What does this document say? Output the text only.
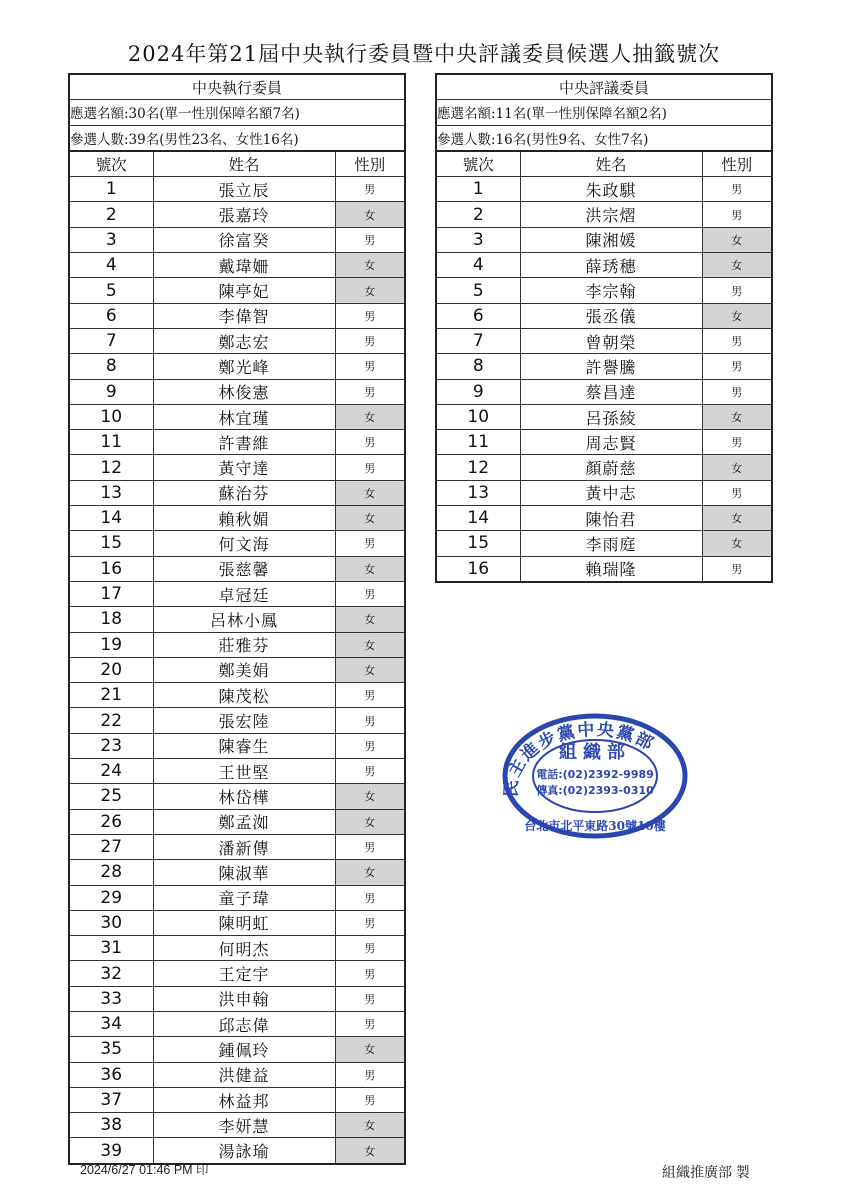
2024年第21屆中央執行委員暨中央評議委員候選人抽籤號次
中央執行委員		
應選名額:30名(單一性別保障名額7名)		
參選人數:39名(男性23名、女性16名)		
號次	姓名	性別
1	張立辰	男
2	張嘉玲	女
3	徐富癸	男
4	戴瑋姍	女
5	陳亭妃	女
6	李偉智	男
7	鄭志宏	男
8	鄭光峰	男
9	林俊憲	男
10	林宜瑾	女
11	許書維	男
12	黃守達	男
13	蘇治芬	女
14	賴秋媚	女
15	何文海	男
16	張慈馨	女
17	卓冠廷	男
18	呂林小鳳	女
19	莊雅芬	女
20	鄭美娟	女
21	陳茂松	男
22	張宏陸	男
23	陳睿生	男
24	王世堅	男
25	林岱樺	女
26	鄭孟洳	女
27	潘新傳	男
28	陳淑華	女
29	童子瑋	男
30	陳明虹	男
31	何明杰	男
32	王定宇	男
33	洪申翰	男
34	邱志偉	男
35	鍾佩玲	女
36	洪健益	男
37	林益邦	男
38	李妍慧	女
39	湯詠瑜	女
中央評議委員		
應選名額:11名(單一性別保障名額2名)		
參選人數:16名(男性9名、女性7名)		
號次	姓名	性別
1	朱政騏	男
2	洪宗熠	男
3	陳湘媛	女
4	薛琇穗	女
5	李宗翰	男
6	張丞儀	女
7	曾朝榮	男
8	許譽騰	男
9	蔡昌達	男
10	呂孫綾	女
11	周志賢	男
12	顏蔚慈	女
13	黃中志	男
14	陳怡君	女
15	李雨庭	女
16	賴瑞隆	男
民主進步黨中央黨部
組織部
電話:(02)2392-9989
傳真:(02)2393-0310
台北市北平東路30號10樓
2024/6/27 01:46 PM 印	組織推廣部 製
